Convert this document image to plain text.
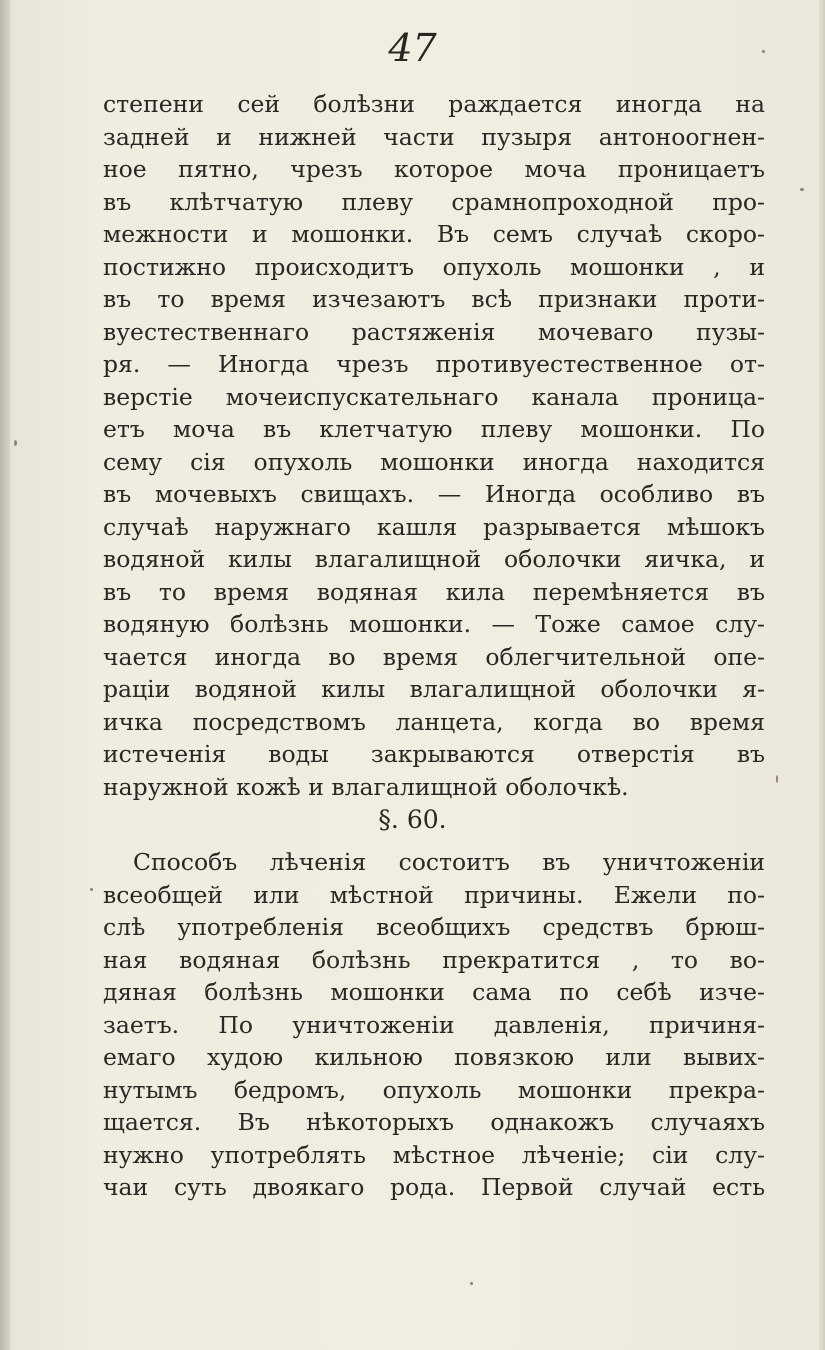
47
степени сей болѣзни раждается иногда на
задней и нижней части пузыря антоноогнен-
ное пятно, чрезъ которое моча проницаетъ
въ клѣтчатую плеву срамнопроходной про-
межности и мошонки. Въ семъ случаѣ скоро-
постижно происходитъ опухоль мошонки , и
въ то время изчезаютъ всѣ признаки проти-
вуестественнаго растяженія мочеваго пузы-
ря. — Иногда чрезъ противуестественное от-
верстіе мочеиспускательнаго канала проница-
етъ моча въ клетчатую плеву мошонки. По
сему сія опухоль мошонки иногда находится
въ мочевыхъ свищахъ. — Иногда особливо въ
случаѣ наружнаго кашля разрывается мѣшокъ
водяной килы влагалищной оболочки яичка, и
въ то время водяная кила перемѣняется въ
водяную болѣзнь мошонки. — Тоже самое слу-
чается иногда во время облегчительной опе-
раціи водяной килы влагалищной оболочки я-
ичка посредствомъ ланцета, когда во время
истеченія воды закрываются отверстія въ
наружной кожѣ и влагалищной оболочкѣ.
§. 60.
Способъ лѣченія состоитъ въ уничтоженіи
всеобщей или мѣстной причины. Ежели по-
слѣ употребленія всеобщихъ средствъ брюш-
ная водяная болѣзнь прекратится , то во-
дяная болѣзнь мошонки сама по себѣ изче-
заетъ. По уничтоженіи давленія, причиня-
емаго худою кильною повязкою или вывих-
нутымъ бедромъ, опухоль мошонки прекра-
щается. Въ нѣкоторыхъ однакожъ случаяхъ
нужно употреблять мѣстное лѣченіе; сіи слу-
чаи суть двоякаго рода. Первой случай есть
